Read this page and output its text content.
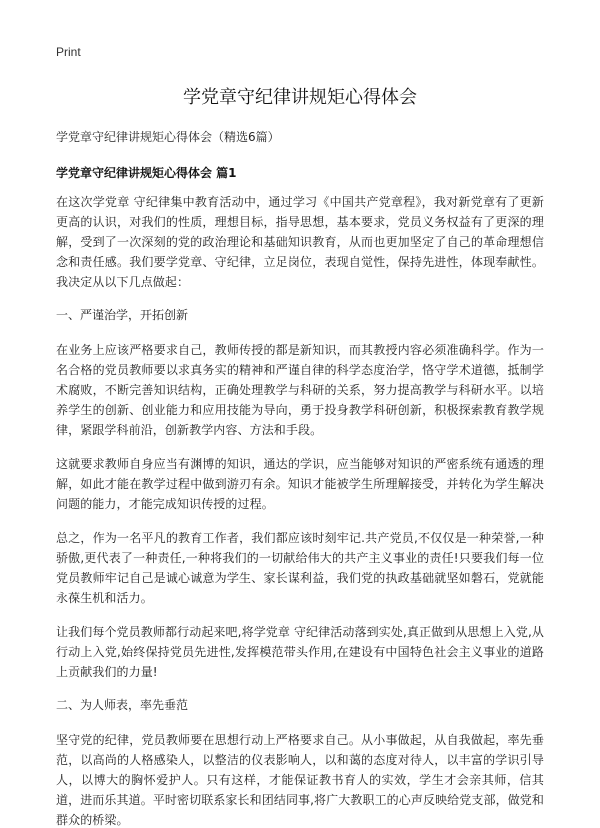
Print
学党章守纪律讲规矩心得体会
学党章守纪律讲规矩心得体会（精选6篇）
学党章守纪律讲规矩心得体会 篇1

在这次学党章 守纪律集中教育活动中，通过学习《中国共产党章程》，我对新党章有了更新更高的认识，对我们的性质，理想目标，指导思想，基本要求，党员义务权益有了更深的理解，受到了一次深刻的党的政治理论和基础知识教育，从而也更加坚定了自己的革命理想信念和责任感。我们要学党章、守纪律，立足岗位，表现自觉性，保持先进性，体现奉献性。我决定从以下几点做起：

一、严谨治学，开拓创新

在业务上应该严格要求自己，教师传授的都是新知识，而其教授内容必须准确科学。作为一名合格的党员教师要以求真务实的精神和严谨自律的科学态度治学，恪守学术道德，抵制学术腐败，不断完善知识结构，正确处理教学与科研的关系，努力提高教学与科研水平。以培养学生的创新、创业能力和应用技能为导向，勇于投身教学科研创新，积极探索教育教学规律，紧跟学科前沿，创新教学内容、方法和手段。

这就要求教师自身应当有渊博的知识，通达的学识，应当能够对知识的严密系统有通透的理解，如此才能在教学过程中做到游刃有余。知识才能被学生所理解接受，并转化为学生解决问题的能力，才能完成知识传授的过程。

总之，作为一名平凡的教育工作者，我们都应该时刻牢记.共产党员,不仅仅是一种荣誉,一种骄傲,更代表了一种责任,一种将我们的一切献给伟大的共产主义事业的责任!只要我们每一位党员教师牢记自己是诚心诚意为学生、家长谋利益，我们党的执政基础就坚如磐石，党就能永葆生机和活力。

让我们每个党员教师都行动起来吧,将学党章 守纪律活动落到实处,真正做到从思想上入党,从行动上入党,始终保持党员先进性,发挥模范带头作用,在建设有中国特色社会主义事业的道路上贡献我们的力量!

二、为人师表，率先垂范

坚守党的纪律，党员教师要在思想行动上严格要求自己。从小事做起，从自我做起，率先垂范，以高尚的人格感染人，以整洁的仪表影响人，以和蔼的态度对待人，以丰富的学识引导人，以博大的胸怀爱护人。只有这样，才能保证教书育人的实效，学生才会亲其师，信其道，进而乐其道。平时密切联系家长和团结同事,将广大教职工的心声反映给党支部，做党和群众的桥梁。
